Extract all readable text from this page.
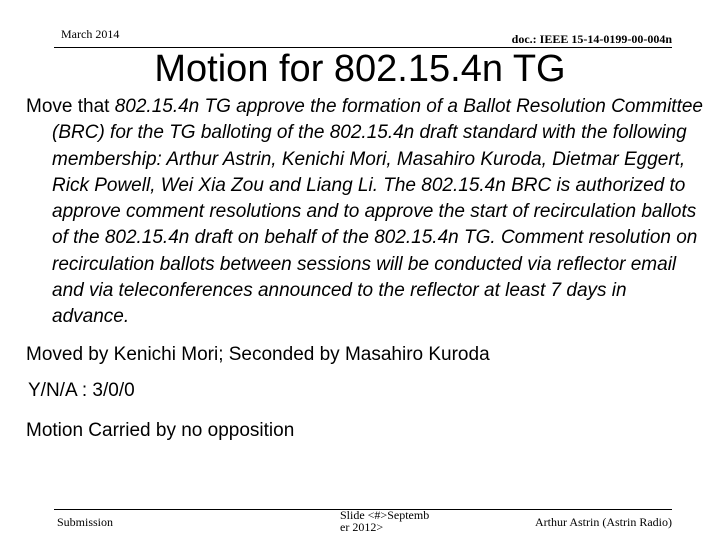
March 2014	doc.: IEEE 15-14-0199-00-004n
Motion for 802.15.4n TG

Move that 802.15.4n TG approve the formation of a Ballot Resolution Committee (BRC) for the TG balloting of the 802.15.4n draft standard with the following membership: Arthur Astrin, Kenichi Mori, Masahiro Kuroda, Dietmar Eggert, Rick Powell, Wei Xia Zou and Liang Li. The 802.15.4n BRC is authorized to approve comment resolutions and to approve the start of recirculation ballots of the 802.15.4n draft on behalf of the 802.15.4n TG. Comment resolution on recirculation ballots between sessions will be conducted via reflector email and via teleconferences announced to the reflector at least 7 days in advance.

Moved by Kenichi Mori; Seconded by Masahiro Kuroda

Y/N/A : 3/0/0

Motion Carried by no opposition

Submission	Slide <#>Septemb
er 2012>	Arthur Astrin (Astrin Radio)
